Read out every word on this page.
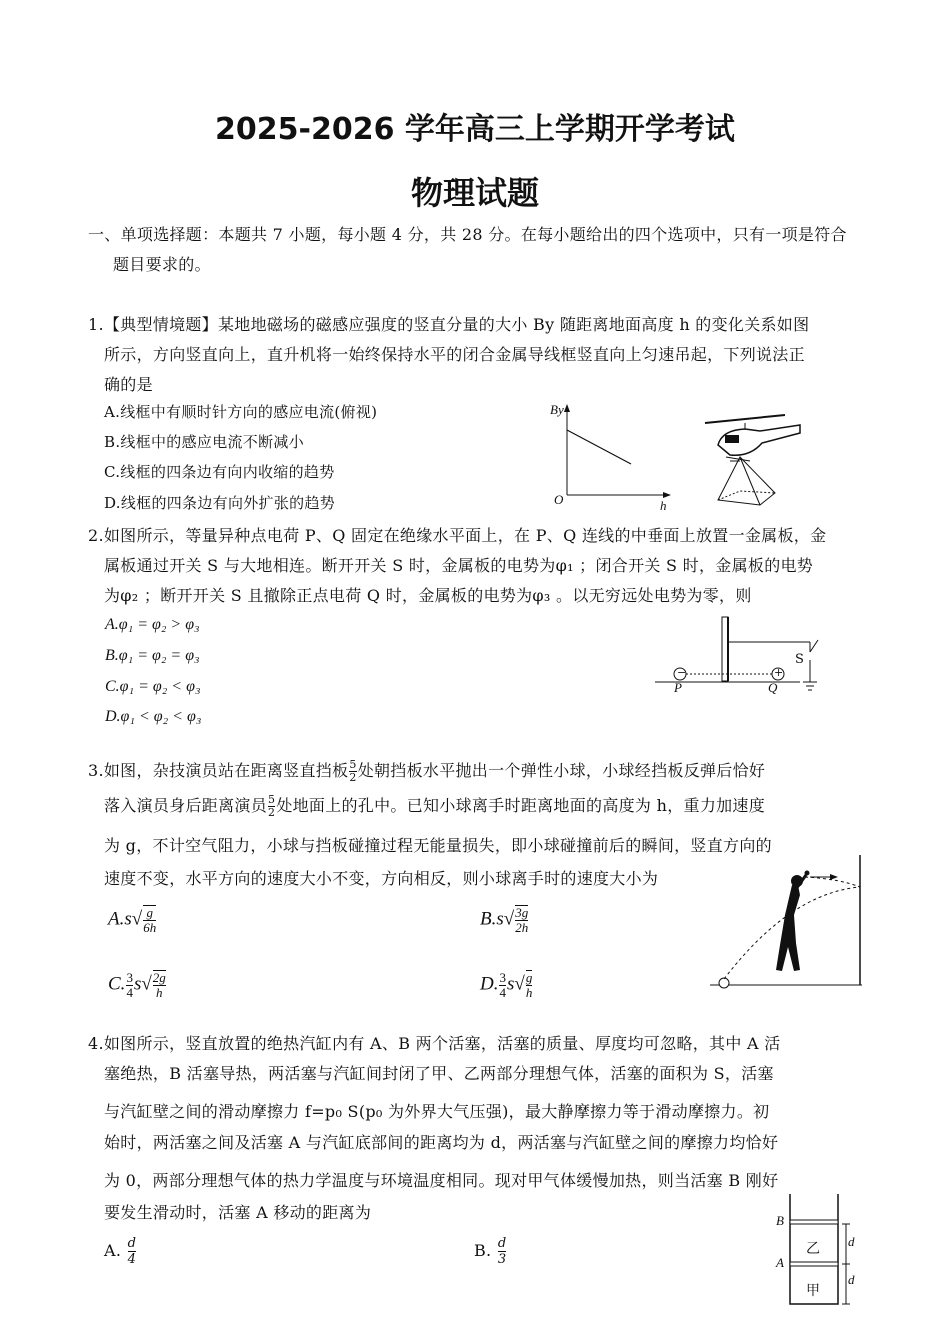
2025-2026 学年高三上学期开学考试
物理试题
一、单项选择题：本题共 7 小题，每小题 4 分，共 28 分。在每小题给出的四个选项中，只有一项是符合
题目要求的。
1.【典型情境题】某地地磁场的磁感应强度的竖直分量的大小 By 随距离地面高度 h 的变化关系如图
所示，方向竖直向上，直升机将一始终保持水平的闭合金属导线框竖直向上匀速吊起，下列说法正
确的是
A.线框中有顺时针方向的感应电流(俯视)
B.线框中的感应电流不断减小
C.线框的四条边有向内收缩的趋势
D.线框的四条边有向外扩张的趋势
By
O	h
2.如图所示，等量异种点电荷 P、Q 固定在绝缘水平面上，在 P、Q 连线的中垂面上放置一金属板，金
属板通过开关 S 与大地相连。断开开关 S 时，金属板的电势为φ₁ ；闭合开关 S 时，金属板的电势
为φ₂ ；断开开关 S 且撤除正点电荷 Q 时，金属板的电势为φ₃ 。以无穷远处电势为零，则
A.φ₁ = φ₂ > φ₃
B.φ₁ = φ₂ = φ₃
C.φ₁ = φ₂ < φ₃
D.φ₁ < φ₂ < φ₃
−	+
P	Q
S
3.如图，杂技演员站在距离竖直挡板 $\frac{5}{2}$ 处朝挡板水平抛出一个弹性小球，小球经挡板反弹后恰好
落入演员身后距离演员 $\frac{5}{2}$ 处地面上的孔中。已知小球离手时距离地面的高度为 h，重力加速度
为 g，不计空气阻力，小球与挡板碰撞过程无能量损失，即小球碰撞前后的瞬间，竖直方向的
速度不变，水平方向的速度大小不变，方向相反，则小球离手时的速度大小为
$A.s√ \frac{g}{6h}$	$B.s√ \frac{3g}{2h}$
C. $\frac{3}{4} s√ \frac{2g}{h}$	D. $\frac{3}{4} s√ \frac{g}{h}$
4.如图所示，竖直放置的绝热汽缸内有 A、B 两个活塞，活塞的质量、厚度均可忽略，其中 A 活
塞绝热，B 活塞导热，两活塞与汽缸间封闭了甲、乙两部分理想气体，活塞的面积为 S，活塞
与汽缸壁之间的滑动摩擦力 f=p₀ S(p₀ 为外界大气压强)，最大静摩擦力等于滑动摩擦力。初
始时，两活塞之间及活塞 A 与汽缸底部间的距离均为 d，两活塞与汽缸壁之间的摩擦力均恰好
为 0，两部分理想气体的热力学温度与环境温度相同。现对甲气体缓慢加热，则当活塞 B 刚好
要发生滑动时，活塞 A 移动的距离为
A. $\frac{d}{4}$	B. $\frac{d}{3}$
B
A
乙
甲
d
d
